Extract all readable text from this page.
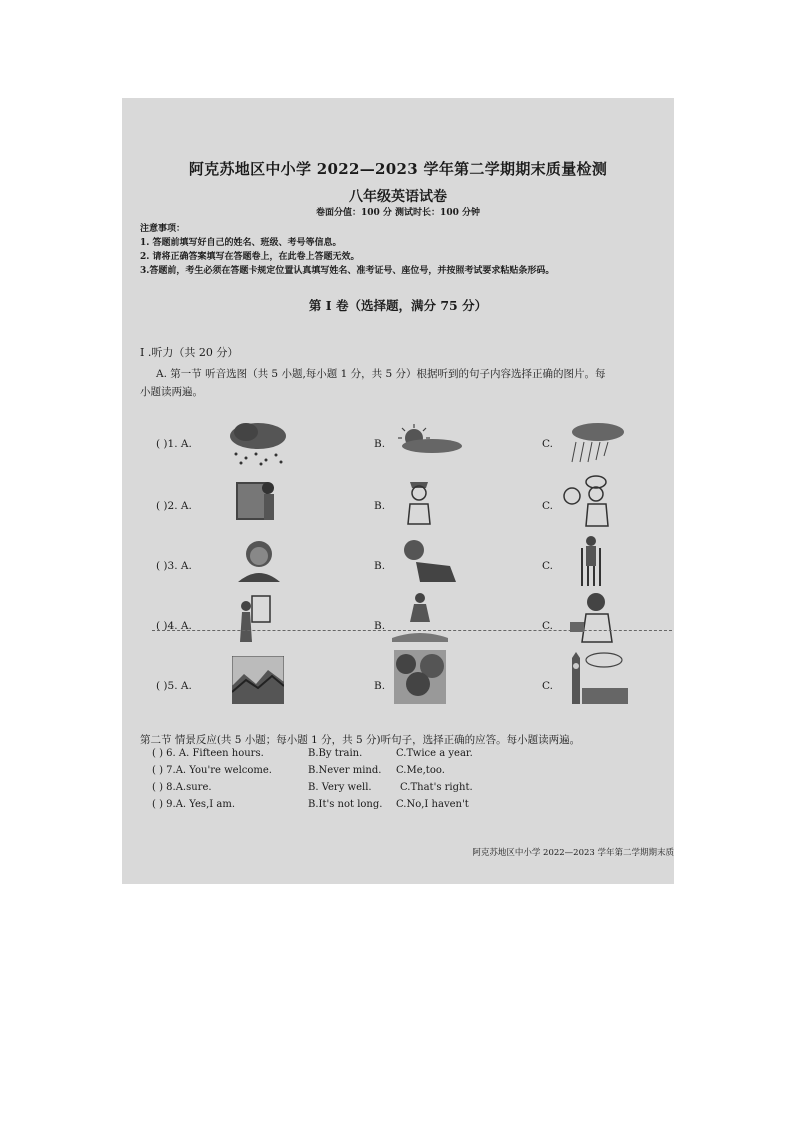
阿克苏地区中小学 2022—2023 学年第二学期期末质量检测
八年级英语试卷
卷面分值：100 分 测试时长：100 分钟
注意事项：
1. 答题前填写好自己的姓名、班级、考号等信息。
2. 请将正确答案填写在答题卷上，在此卷上答题无效。
3.答题前，考生必须在答题卡规定位置认真填写姓名、准考证号、座位号，并按照考试要求粘贴条形码。
第 I 卷（选择题，满分 75 分）
I .听力（共 20 分）
A. 第一节 听音选图（共 5 小题,每小题 1 分，共 5 分）根据听到的句子内容选择正确的图片。每
小题读两遍。
( )1. A.	B.	C.
( )2. A.	B.	C.
( )3. A.	B.	C.
( )4. A.	B.	C.
( )5. A.	B.	C.
第二节 情景反应(共 5 小题；每小题 1 分，共 5 分)听句子，选择正确的应答。每小题读两遍。
( ) 6. A. Fifteen hours.	B.By train.	C.Twice a year.
( ) 7.A. You're welcome.	B.Never mind. C.Me,too.
( ) 8.A.sure.	B. Very well.	C.That's right.
( ) 9.A. Yes,I am.	B.It's not long. C.No,I haven't
阿克苏地区中小学 2022—2023 学年第二学期期末质
